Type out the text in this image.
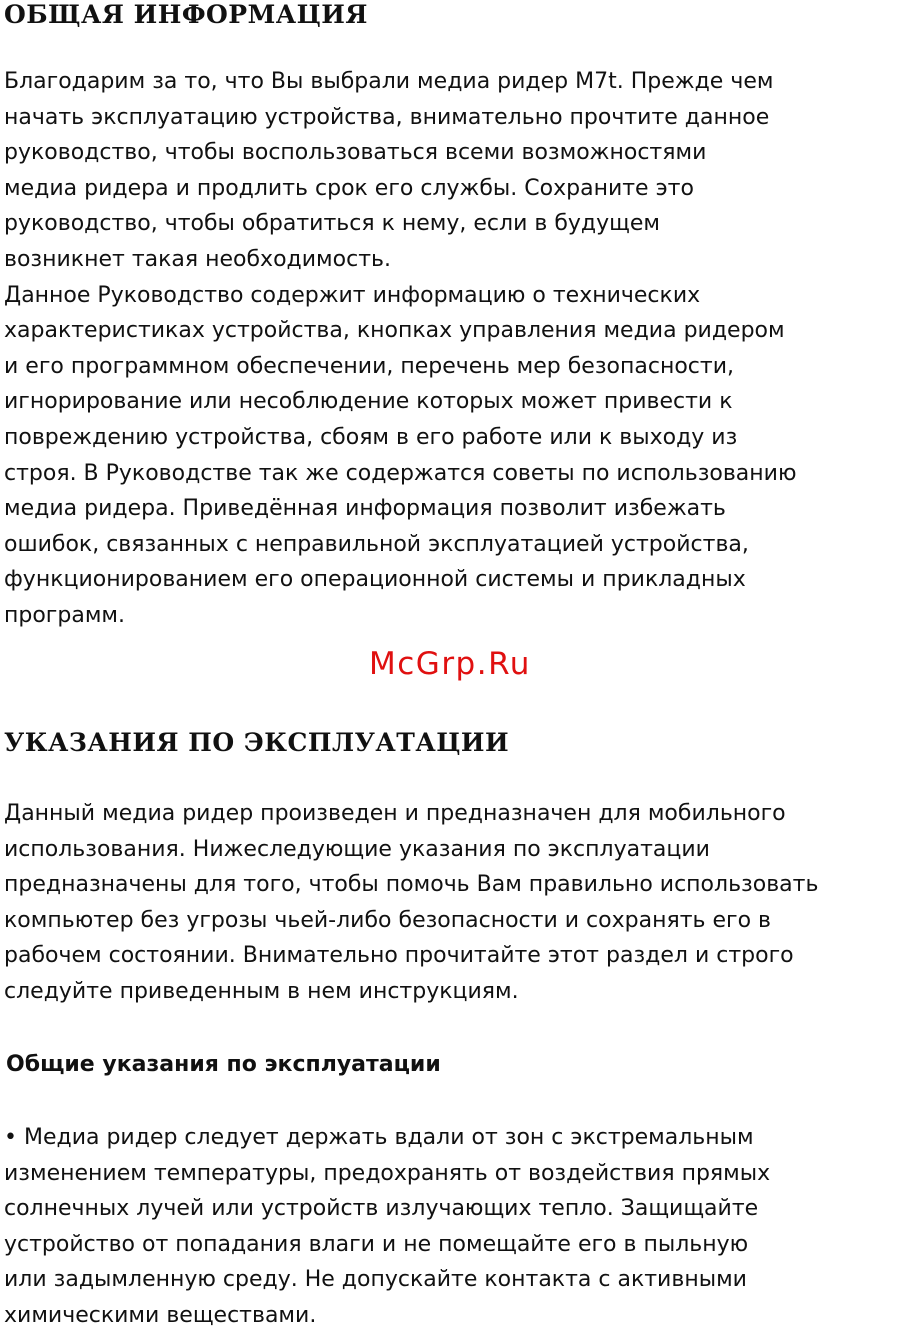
ОБЩАЯ ИНФОРМАЦИЯ
Благодарим за то, что Вы выбрали медиа ридер M7t. Прежде чем
начать эксплуатацию устройства, внимательно прочтите данное
руководство, чтобы воспользоваться всеми возможностями
медиа ридера и продлить срок его службы. Сохраните это
руководство, чтобы обратиться к нему, если в будущем
возникнет такая необходимость.
Данное Руководство содержит информацию о технических
характеристиках устройства, кнопках управления медиа ридером
и его программном обеспечении, перечень мер безопасности,
игнорирование или несоблюдение которых может привести к
повреждению устройства, сбоям в его работе или к выходу из
строя. В Руководстве так же содержатся советы по использованию
медиа ридера. Приведённая информация позволит избежать
ошибок, связанных с неправильной эксплуатацией устройства,
функционированием его операционной системы и прикладных
программ.
McGrp.Ru
УКАЗАНИЯ ПО ЭКСПЛУАТАЦИИ
Данный медиа ридер произведен и предназначен для мобильного
использования. Нижеследующие указания по эксплуатации
предназначены для того, чтобы помочь Вам правильно использовать
компьютер без угрозы чьей-либо безопасности и сохранять его в
рабочем состоянии. Внимательно прочитайте этот раздел и строго
следуйте приведенным в нем инструкциям.
Общие указания по эксплуатации
• Медиа ридер следует держать вдали от зон с экстремальным
изменением температуры, предохранять от воздействия прямых
солнечных лучей или устройств излучающих тепло. Защищайте
устройство от попадания влаги и не помещайте его в пыльную
или задымленную среду. Не допускайте контакта с активными
химическими веществами.
